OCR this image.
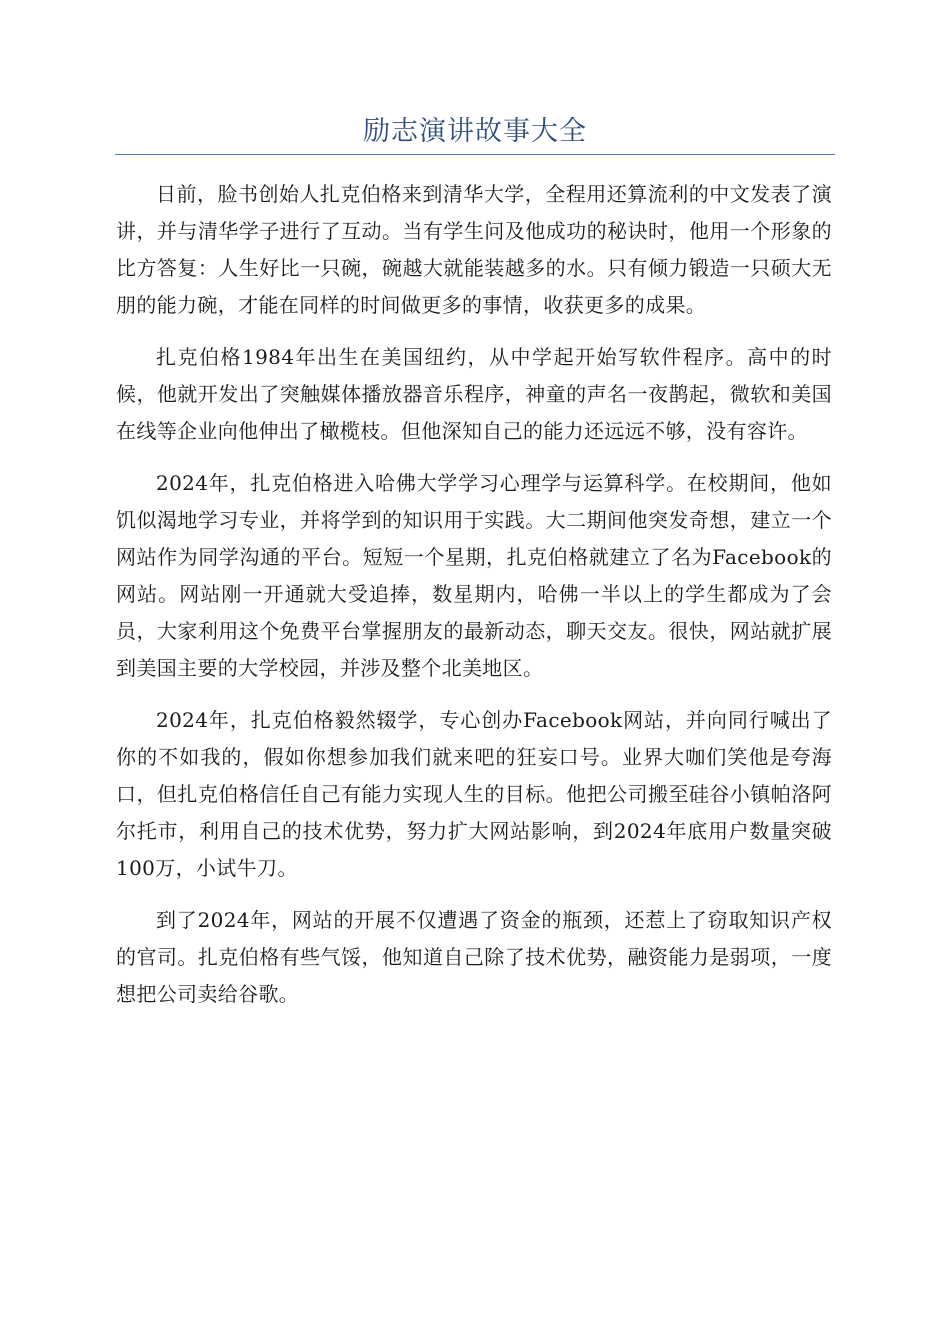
励志演讲故事大全

日前，脸书创始人扎克伯格来到清华大学，全程用还算流利的中文发表了演讲，并与清华学子进行了互动。当有学生问及他成功的秘诀时，他用一个形象的比方答复：人生好比一只碗，碗越大就能装越多的水。只有倾力锻造一只硕大无朋的能力碗，才能在同样的时间做更多的事情，收获更多的成果。

扎克伯格1984年出生在美国纽约，从中学起开始写软件程序。高中的时候，他就开发出了突触媒体播放器音乐程序，神童的声名一夜鹊起，微软和美国在线等企业向他伸出了橄榄枝。但他深知自己的能力还远远不够，没有容许。

2024年，扎克伯格进入哈佛大学学习心理学与运算科学。在校期间，他如饥似渴地学习专业，并将学到的知识用于实践。大二期间他突发奇想，建立一个网站作为同学沟通的平台。短短一个星期，扎克伯格就建立了名为Facebook的网站。网站刚一开通就大受追捧，数星期内，哈佛一半以上的学生都成为了会员，大家利用这个免费平台掌握朋友的最新动态，聊天交友。很快，网站就扩展到美国主要的大学校园，并涉及整个北美地区。

2024年，扎克伯格毅然辍学，专心创办Facebook网站，并向同行喊出了你的不如我的，假如你想参加我们就来吧的狂妄口号。业界大咖们笑他是夸海口，但扎克伯格信任自己有能力实现人生的目标。他把公司搬至硅谷小镇帕洛阿尔托市，利用自己的技术优势，努力扩大网站影响，到2024年底用户数量突破100万，小试牛刀。

到了2024年，网站的开展不仅遭遇了资金的瓶颈，还惹上了窃取知识产权的官司。扎克伯格有些气馁，他知道自己除了技术优势，融资能力是弱项，一度想把公司卖给谷歌。
